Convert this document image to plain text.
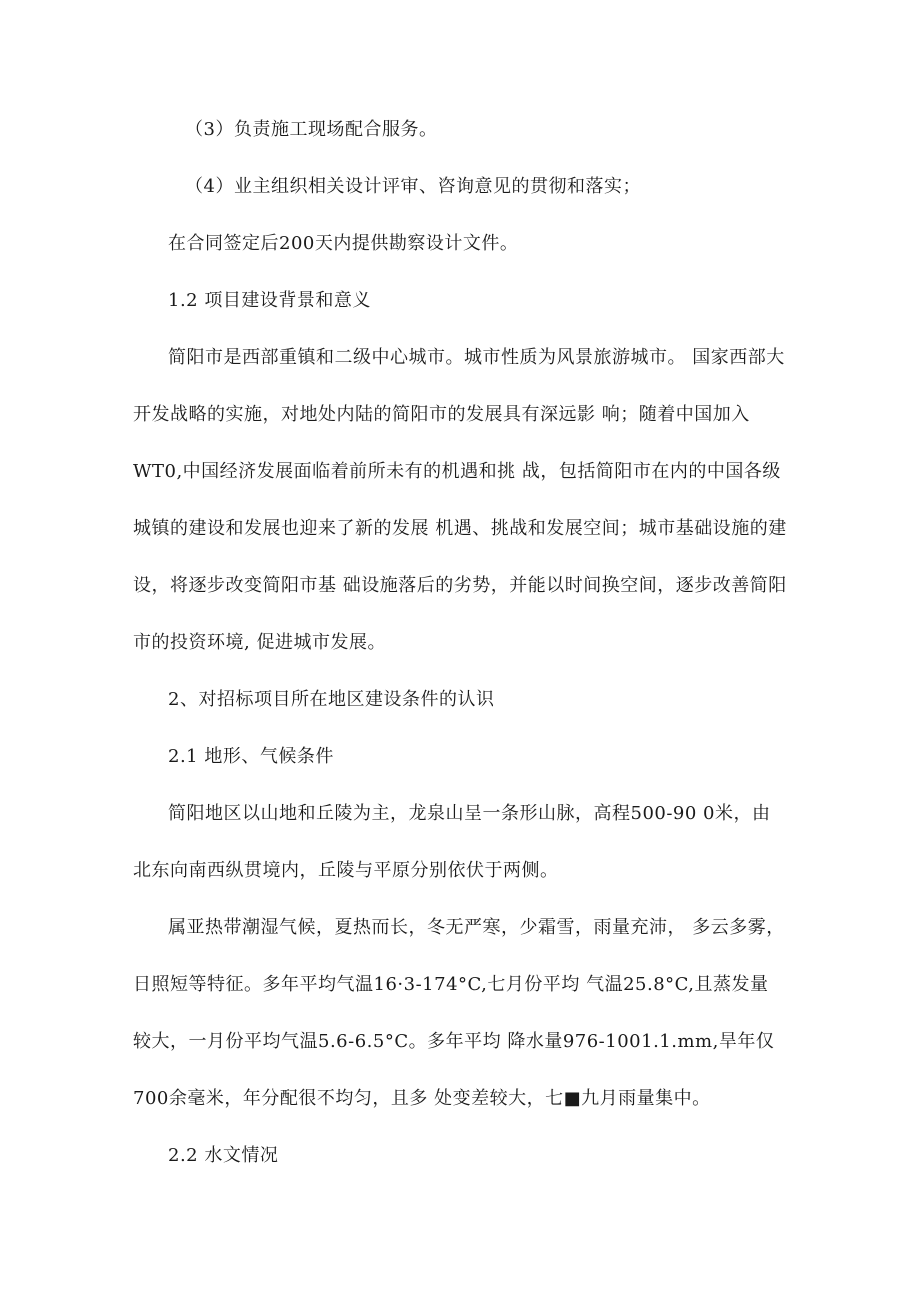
（3）负责施工现场配合服务。
（4）业主组织相关设计评审、咨询意见的贯彻和落实；
在合同签定后200天内提供勘察设计文件。
1.2 项目建设背景和意义
简阳市是西部重镇和二级中心城市。城市性质为风景旅游城市。 国家西部大
开发战略的实施，对地处内陆的简阳市的发展具有深远影 响；随着中国加入
WT0,中国经济发展面临着前所未有的机遇和挑 战，包括简阳市在内的中国各级
城镇的建设和发展也迎来了新的发展 机遇、挑战和发展空间；城市基础设施的建
设，将逐步改变简阳市基 础设施落后的劣势，并能以时间换空间，逐步改善简阳
市的投资环境, 促进城市发展。
2、对招标项目所在地区建设条件的认识
2.1 地形、气候条件
简阳地区以山地和丘陵为主，龙泉山呈一条形山脉，高程500-90 0米，由
北东向南西纵贯境内，丘陵与平原分别依伏于两侧。
属亚热带潮湿气候，夏热而长，冬无严寒，少霜雪，雨量充沛， 多云多雾，
日照短等特征。多年平均气温16·3-174°C,七月份平均 气温25.8°C,且蒸发量
较大，一月份平均气温5.6-6.5°C。多年平均 降水量976-1001.1.mm,旱年仅
700余毫米，年分配很不均匀，且多 处变差较大，七■九月雨量集中。
2.2 水文情况
